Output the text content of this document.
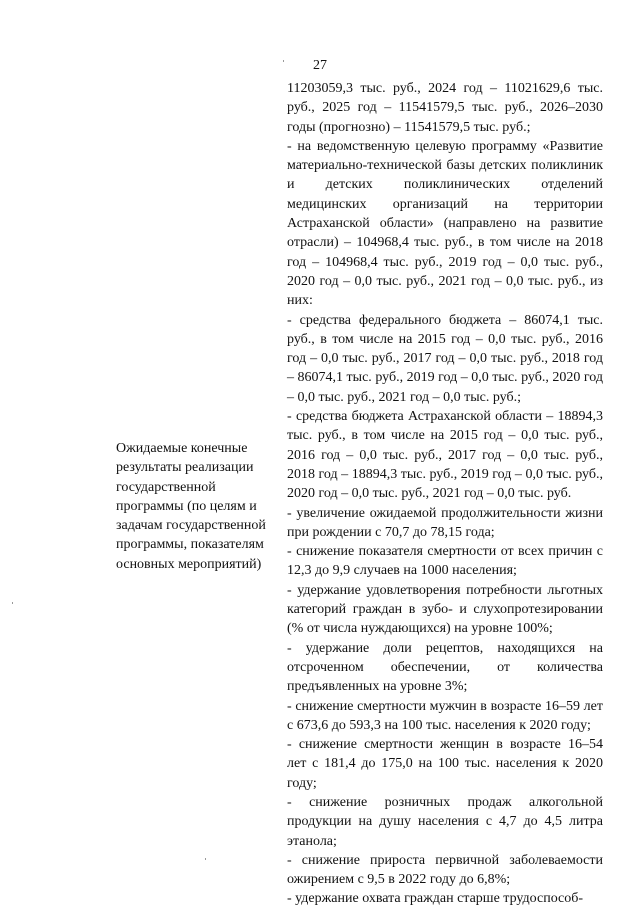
27
Ожидаемые конечные результаты реализации государственной программы (по целям и задачам государственной программы, показателям основных мероприятий)

11203059,3 тыс. руб., 2024 год – 11021629,6 тыс. руб., 2025 год – 11541579,5 тыс. руб., 2026–2030 годы (прогнозно) – 11541579,5 тыс. руб.;

- на ведомственную целевую программу «Развитие материально-технической базы детских поликлиник и детских поликлинических отделений медицинских организаций на территории Астраханской области» (направлено на развитие отрасли) – 104968,4 тыс. руб., в том числе на 2018 год – 104968,4 тыс. руб., 2019 год – 0,0 тыс. руб., 2020 год – 0,0 тыс. руб., 2021 год – 0,0 тыс. руб., из них:

- средства федерального бюджета – 86074,1 тыс. руб., в том числе на 2015 год – 0,0 тыс. руб., 2016 год – 0,0 тыс. руб., 2017 год – 0,0 тыс. руб., 2018 год – 86074,1 тыс. руб., 2019 год – 0,0 тыс. руб., 2020 год – 0,0 тыс. руб., 2021 год – 0,0 тыс. руб.;

- средства бюджета Астраханской области – 18894,3 тыс. руб., в том числе на 2015 год – 0,0 тыс. руб., 2016 год – 0,0 тыс. руб., 2017 год – 0,0 тыс. руб., 2018 год – 18894,3 тыс. руб., 2019 год – 0,0 тыс. руб., 2020 год – 0,0 тыс. руб., 2021 год – 0,0 тыс. руб.

- увеличение ожидаемой продолжительности жизни при рождении с 70,7 до 78,15 года;

- снижение показателя смертности от всех причин с 12,3 до 9,9 случаев на 1000 населения;

- удержание удовлетворения потребности льготных категорий граждан в зубо- и слухопротезировании (% от числа нуждающихся) на уровне 100%;

- удержание доли рецептов, находящихся на отсроченном обеспечении, от количества предъявленных на уровне 3%;

- снижение смертности мужчин в возрасте 16–59 лет с 673,6 до 593,3 на 100 тыс. населения к 2020 году;

- снижение смертности женщин в возрасте 16–54 лет с 181,4 до 175,0 на 100 тыс. населения к 2020 году;

- снижение розничных продаж алкогольной продукции на душу населения с 4,7 до 4,5 литра этанола;

- снижение прироста первичной заболеваемости ожирением с 9,5 в 2022 году до 6,8%;

- удержание охвата граждан старше трудоспособ-
